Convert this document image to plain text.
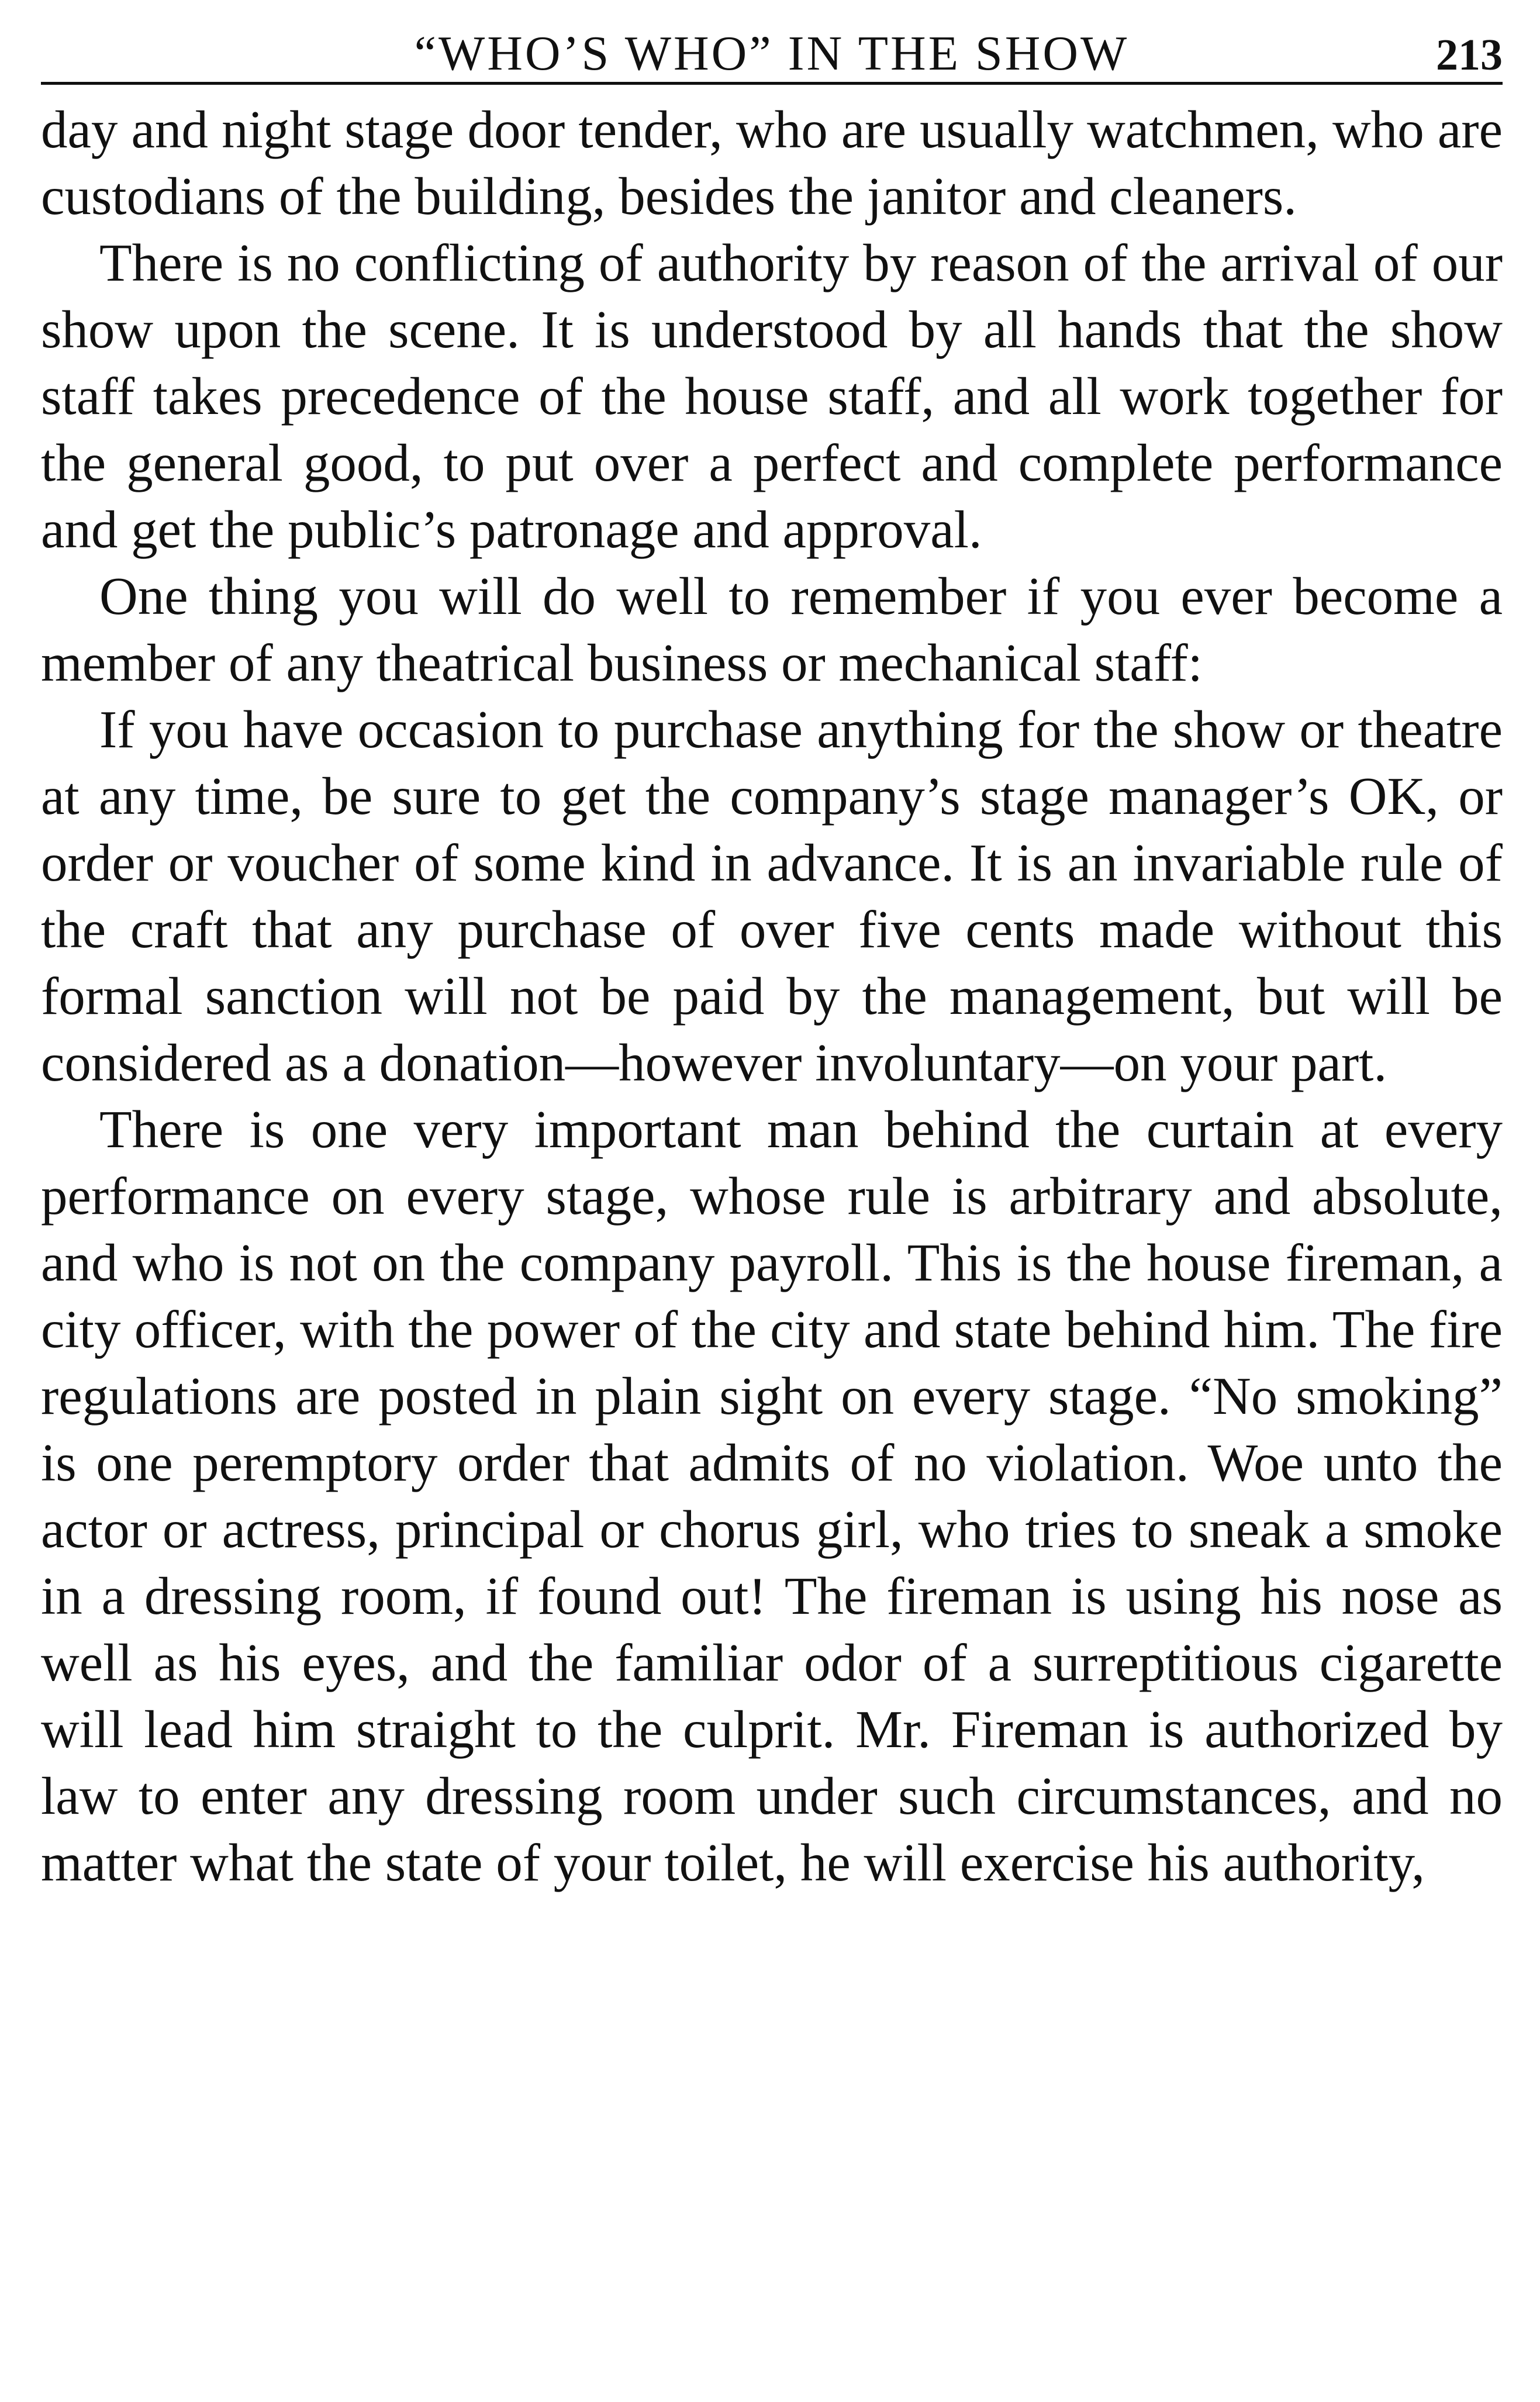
“WHO’S WHO” IN THE SHOW	213

day and night stage door tender, who are usually watchmen, who are custodians of the building, besides the janitor and cleaners.

There is no conflicting of authority by reason of the arrival of our show upon the scene. It is understood by all hands that the show staff takes precedence of the house staff, and all work together for the general good, to put over a perfect and complete performance and get the public’s patronage and approval.

One thing you will do well to remember if you ever become a member of any theatrical business or mechanical staff:

If you have occasion to purchase anything for the show or theatre at any time, be sure to get the company’s stage manager’s OK, or order or voucher of some kind in advance. It is an invariable rule of the craft that any purchase of over five cents made without this formal sanction will not be paid by the management, but will be considered as a donation—however involuntary—on your part.

There is one very important man behind the curtain at every performance on every stage, whose rule is arbitrary and absolute, and who is not on the company payroll. This is the house fireman, a city officer, with the power of the city and state behind him. The fire regulations are posted in plain sight on every stage. “No smoking” is one peremptory order that admits of no violation. Woe unto the actor or actress, principal or chorus girl, who tries to sneak a smoke in a dressing room, if found out! The fireman is using his nose as well as his eyes, and the familiar odor of a surreptitious cigarette will lead him straight to the culprit. Mr. Fireman is authorized by law to enter any dressing room under such circumstances, and no matter what the state of your toilet, he will exercise his authority,
